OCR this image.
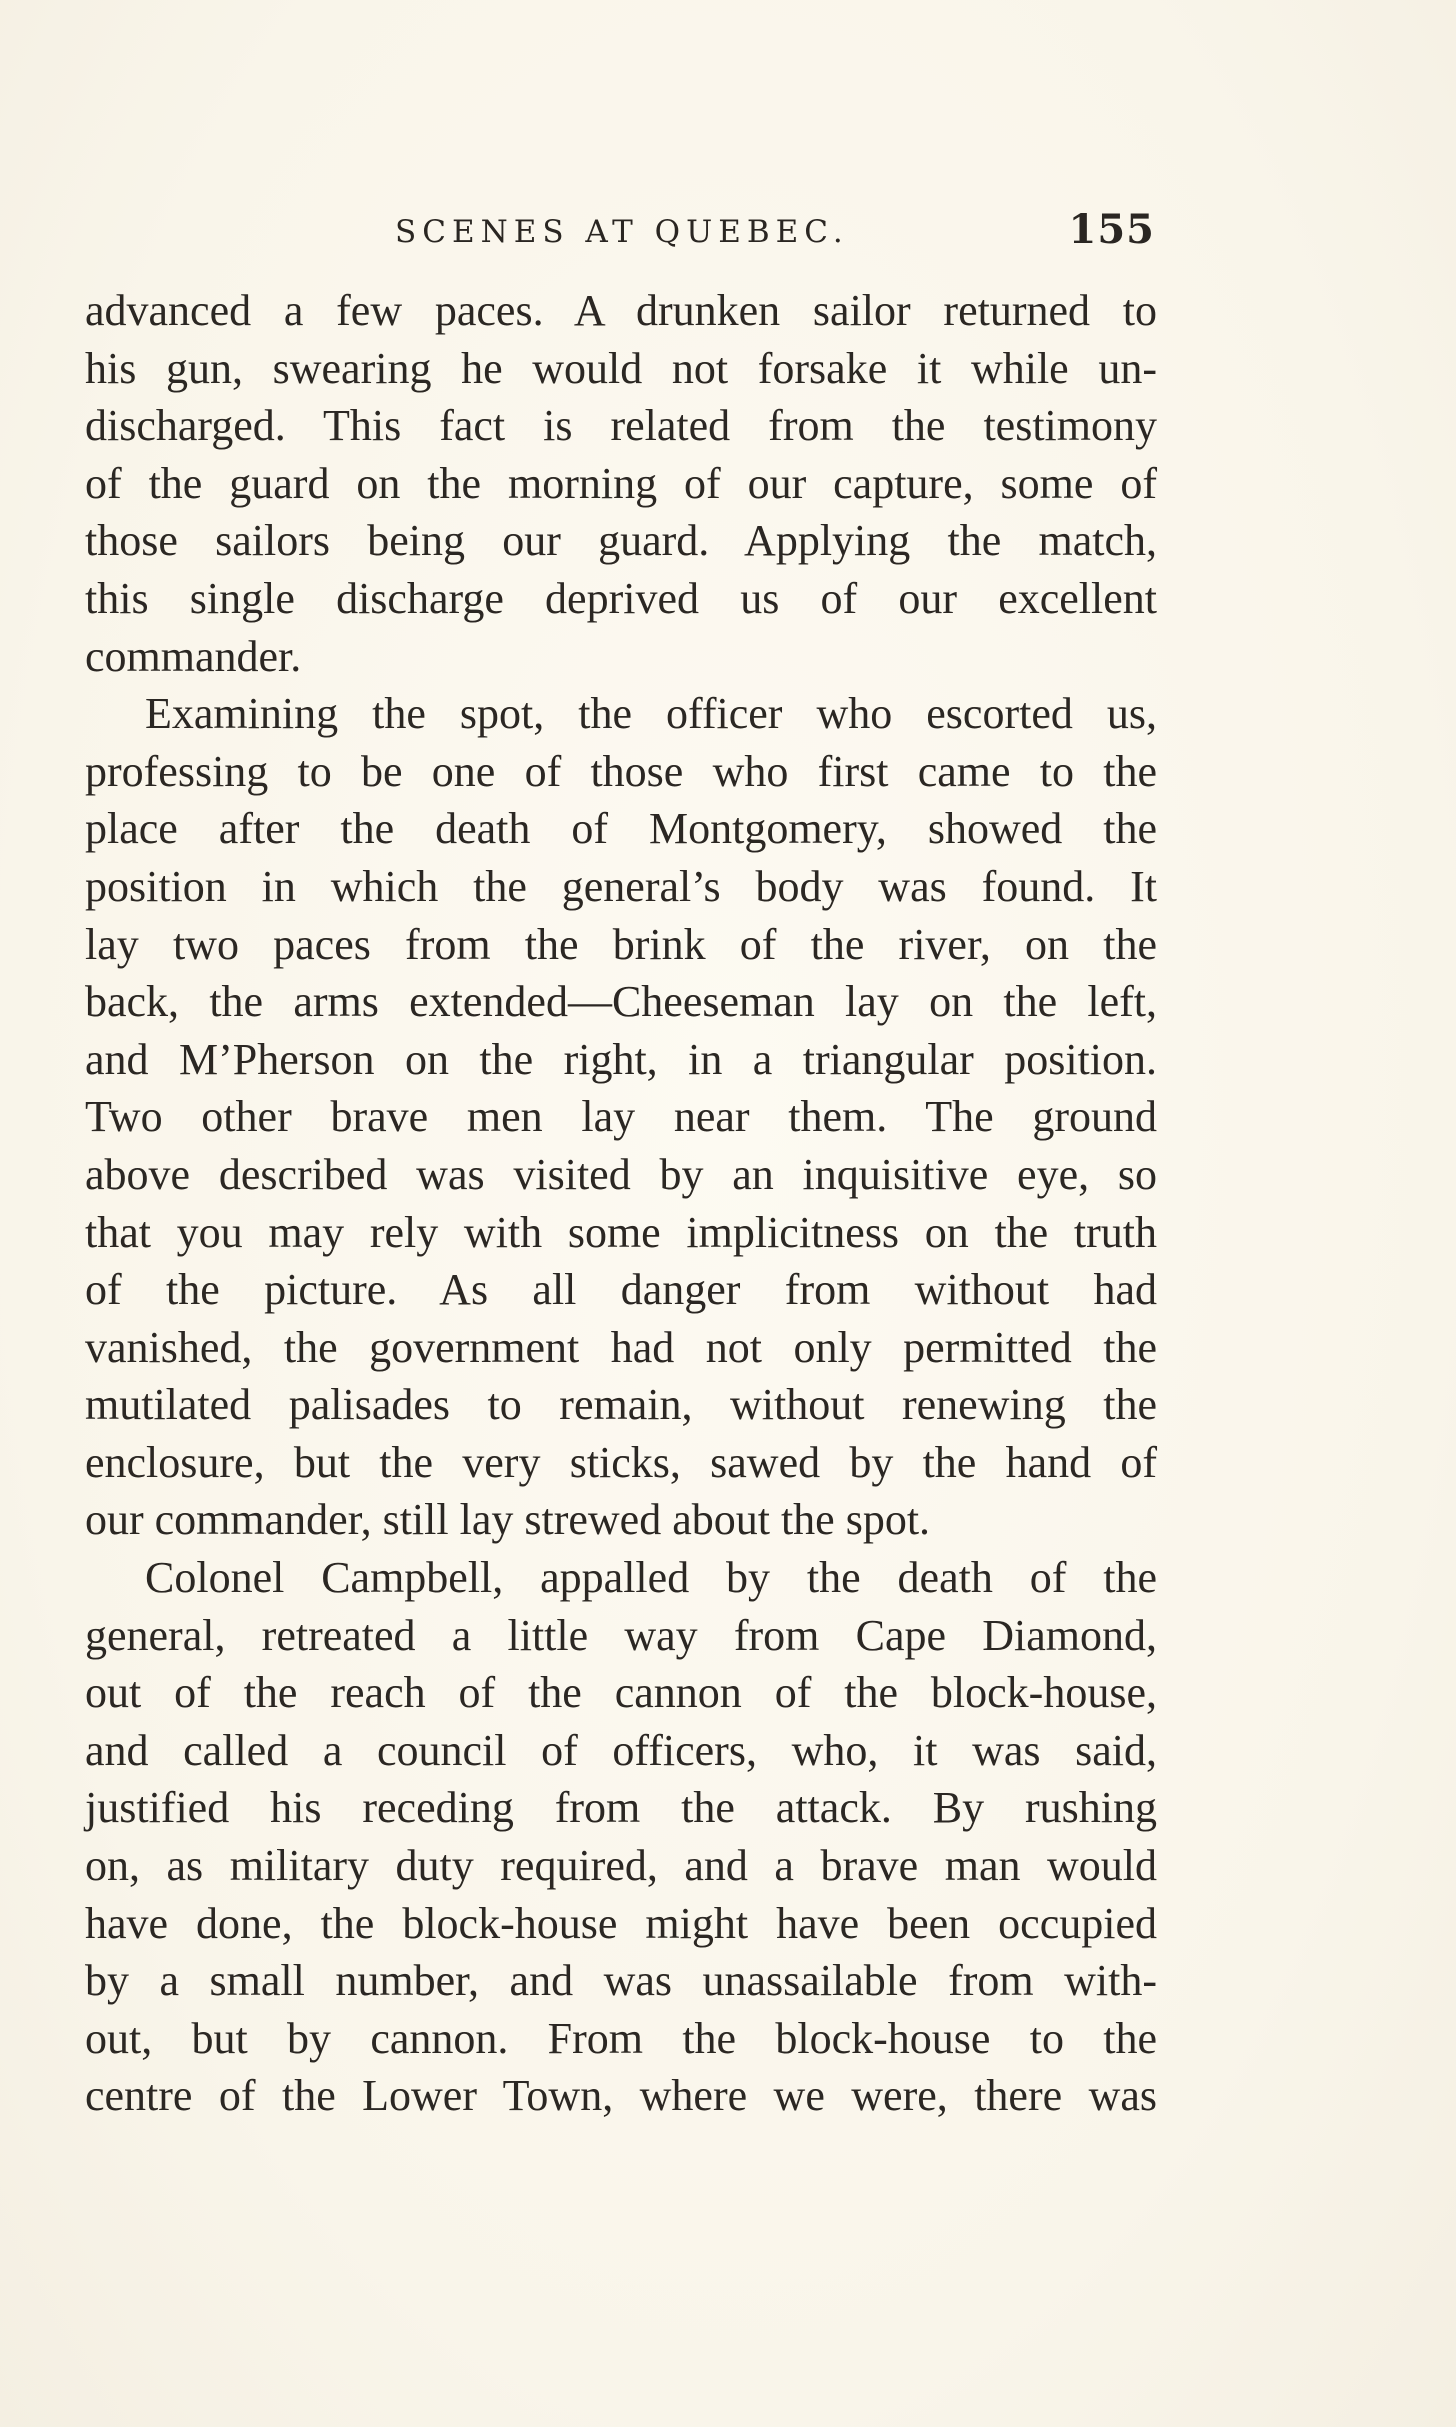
SCENES AT QUEBEC.	155
advanced a few paces. A drunken sailor returned to
his gun, swearing he would not forsake it while un-
discharged. This fact is related from the testimony
of the guard on the morning of our capture, some of
those sailors being our guard. Applying the match,
this single discharge deprived us of our excellent
commander.
Examining the spot, the officer who escorted us,
professing to be one of those who first came to the
place after the death of Montgomery, showed the
position in which the general’s body was found. It
lay two paces from the brink of the river, on the
back, the arms extended—Cheeseman lay on the left,
and M’Pherson on the right, in a triangular position.
Two other brave men lay near them. The ground
above described was visited by an inquisitive eye, so
that you may rely with some implicitness on the truth
of the picture. As all danger from without had
vanished, the government had not only permitted the
mutilated palisades to remain, without renewing the
enclosure, but the very sticks, sawed by the hand of
our commander, still lay strewed about the spot.
Colonel Campbell, appalled by the death of the
general, retreated a little way from Cape Diamond,
out of the reach of the cannon of the block-house,
and called a council of officers, who, it was said,
justified his receding from the attack. By rushing
on, as military duty required, and a brave man would
have done, the block-house might have been occupied
by a small number, and was unassailable from with-
out, but by cannon. From the block-house to the
centre of the Lower Town, where we were, there was
